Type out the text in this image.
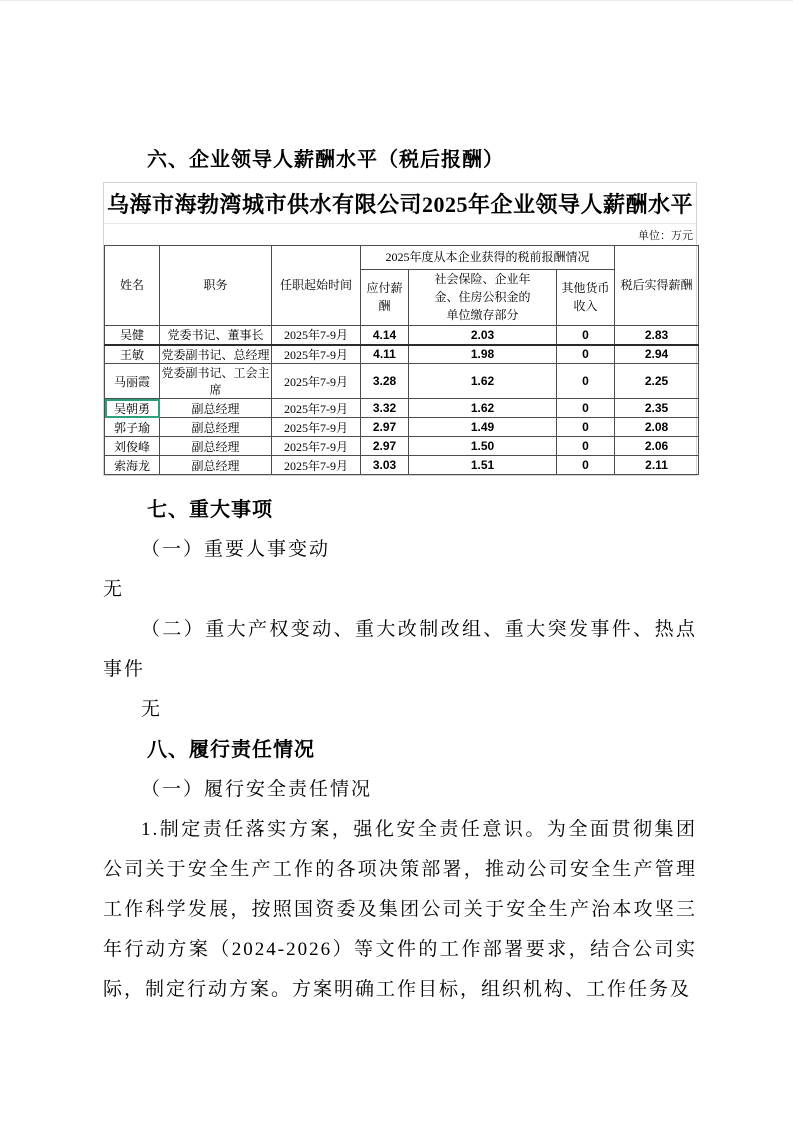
六、企业领导人薪酬水平（税后报酬）
乌海市海勃湾城市供水有限公司2025年企业领导人薪酬水平
单位：万元
姓名	职务	任职起始时间	2025年度从本企业获得的税前报酬情况			税后实得薪酬
			应付薪酬	社会保险、企业年金、住房公积金的单位缴存部分	其他货币收入	
吴健	党委书记、董事长	2025年7-9月	4.14	2.03	0	2.83
王敏	党委副书记、总经理	2025年7-9月	4.11	1.98	0	2.94
马丽霞	党委副书记、工会主席	2025年7-9月	3.28	1.62	0	2.25
吴朝勇	副总经理	2025年7-9月	3.32	1.62	0	2.35
郭子瑜	副总经理	2025年7-9月	2.97	1.49	0	2.08
刘俊峰	副总经理	2025年7-9月	2.97	1.50	0	2.06
索海龙	副总经理	2025年7-9月	3.03	1.51	0	2.11
七、重大事项

（一）重要人事变动

无

（二）重大产权变动、重大改制改组、重大突发事件、热点事件

无

八、履行责任情况

（一）履行安全责任情况

1.制定责任落实方案，强化安全责任意识。为全面贯彻集团公司关于安全生产工作的各项决策部署，推动公司安全生产管理工作科学发展，按照国资委及集团公司关于安全生产治本攻坚三年行动方案（2024-2026）等文件的工作部署要求，结合公司实际，制定行动方案。方案明确工作目标，组织机构、工作任务及
